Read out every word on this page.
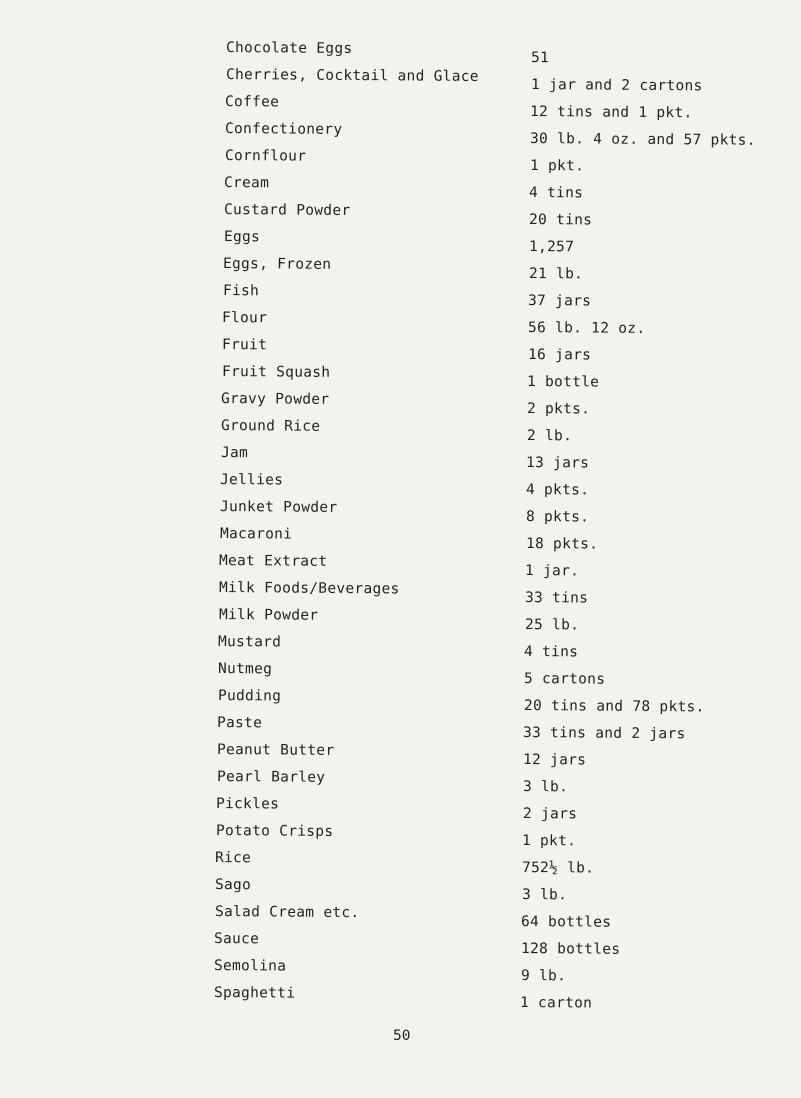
Chocolate Eggs
51
Cherries, Cocktail and Glace
1 jar and 2 cartons
Coffee
12 tins and 1 pkt.
Confectionery
30 lb. 4 oz. and 57 pkts.
Cornflour
1 pkt.
Cream
4 tins
Custard Powder
20 tins
Eggs
1,257
Eggs, Frozen
21 lb.
Fish
37 jars
Flour
56 lb. 12 oz.
Fruit
16 jars
Fruit Squash
1 bottle
Gravy Powder
2 pkts.
Ground Rice
2 lb.
Jam
13 jars
Jellies
4 pkts.
Junket Powder
8 pkts.
Macaroni
18 pkts.
Meat Extract
1 jar.
Milk Foods/Beverages
33 tins
Milk Powder
25 lb.
Mustard
4 tins
Nutmeg
5 cartons
Pudding
20 tins and 78 pkts.
Paste
33 tins and 2 jars
Peanut Butter
12 jars
Pearl Barley
3 lb.
Pickles
2 jars
Potato Crisps
1 pkt.
Rice
752½ lb.
Sago
3 lb.
Salad Cream etc.
64 bottles
Sauce
128 bottles
Semolina
9 lb.
Spaghetti
1 carton
50
